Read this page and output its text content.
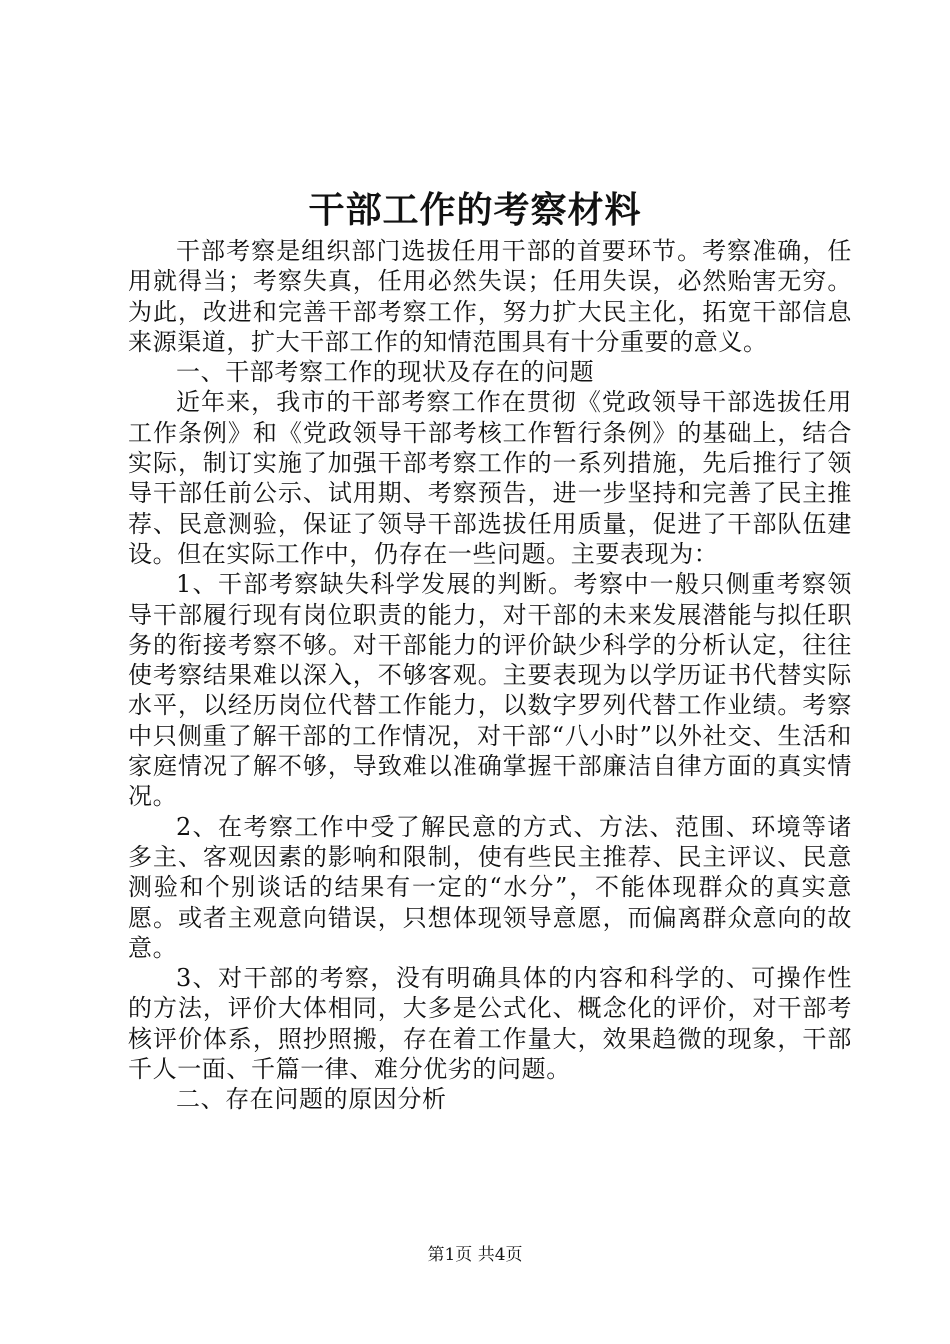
干部工作的考察材料

干部考察是组织部门选拔任用干部的首要环节。考察准确，任用就得当；考察失真，任用必然失误；任用失误，必然贻害无穷。为此，改进和完善干部考察工作，努力扩大民主化，拓宽干部信息来源渠道，扩大干部工作的知情范围具有十分重要的意义。

一、干部考察工作的现状及存在的问题

近年来，我市的干部考察工作在贯彻《党政领导干部选拔任用工作条例》和《党政领导干部考核工作暂行条例》的基础上，结合实际，制订实施了加强干部考察工作的一系列措施，先后推行了领导干部任前公示、试用期、考察预告，进一步坚持和完善了民主推荐、民意测验，保证了领导干部选拔任用质量，促进了干部队伍建设。但在实际工作中，仍存在一些问题。主要表现为：

1、干部考察缺失科学发展的判断。考察中一般只侧重考察领导干部履行现有岗位职责的能力，对干部的未来发展潜能与拟任职务的衔接考察不够。对干部能力的评价缺少科学的分析认定，往往使考察结果难以深入，不够客观。主要表现为以学历证书代替实际水平，以经历岗位代替工作能力，以数字罗列代替工作业绩。考察中只侧重了解干部的工作情况，对干部“八小时”以外社交、生活和家庭情况了解不够，导致难以准确掌握干部廉洁自律方面的真实情况。

2、在考察工作中受了解民意的方式、方法、范围、环境等诸多主、客观因素的影响和限制，使有些民主推荐、民主评议、民意测验和个别谈话的结果有一定的“水分”，不能体现群众的真实意愿。或者主观意向错误，只想体现领导意愿，而偏离群众意向的故意。

3、对干部的考察，没有明确具体的内容和科学的、可操作性的方法，评价大体相同，大多是公式化、概念化的评价，对干部考核评价体系，照抄照搬，存在着工作量大，效果趋微的现象，干部千人一面、千篇一律、难分优劣的问题。

二、存在问题的原因分析

第1页 共4页
